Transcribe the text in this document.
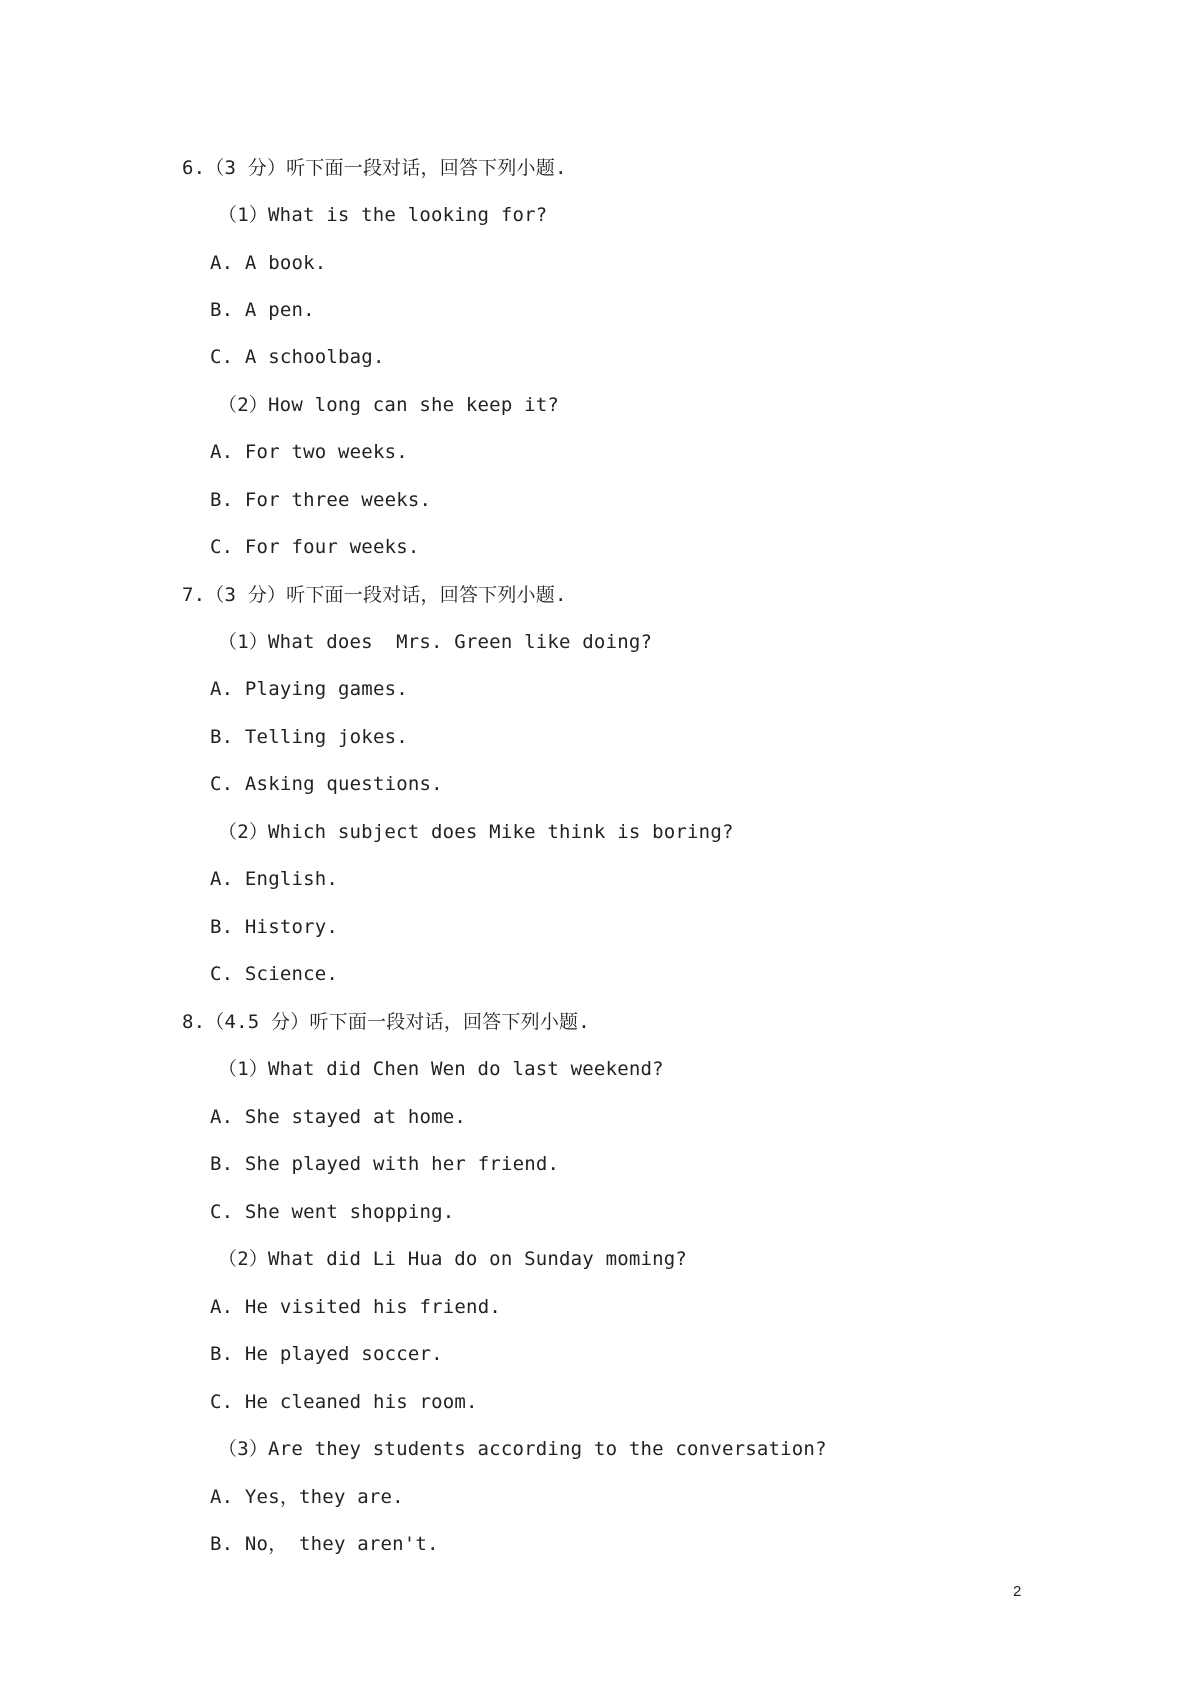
6.（3 分）听下面一段对话，回答下列小题.
（1）What is the looking for?
A. A book.
B. A pen.
C. A schoolbag.
（2）How long can she keep it?
A. For two weeks.
B. For three weeks.
C. For four weeks.
7.（3 分）听下面一段对话，回答下列小题.
（1）What does  Mrs. Green like doing?
A. Playing games.
B. Telling jokes.
C. Asking questions.
（2）Which subject does Mike think is boring?
A. English.
B. History.
C. Science.
8.（4.5 分）听下面一段对话，回答下列小题.
（1）What did Chen Wen do last weekend?
A. She stayed at home.
B. She played with her friend.
C. She went shopping.
（2）What did Li Hua do on Sunday moming?
A. He visited his friend.
B. He played soccer.
C. He cleaned his room.
（3）Are they students according to the conversation?
A. Yes，they are.
B. No， they aren't.
2
